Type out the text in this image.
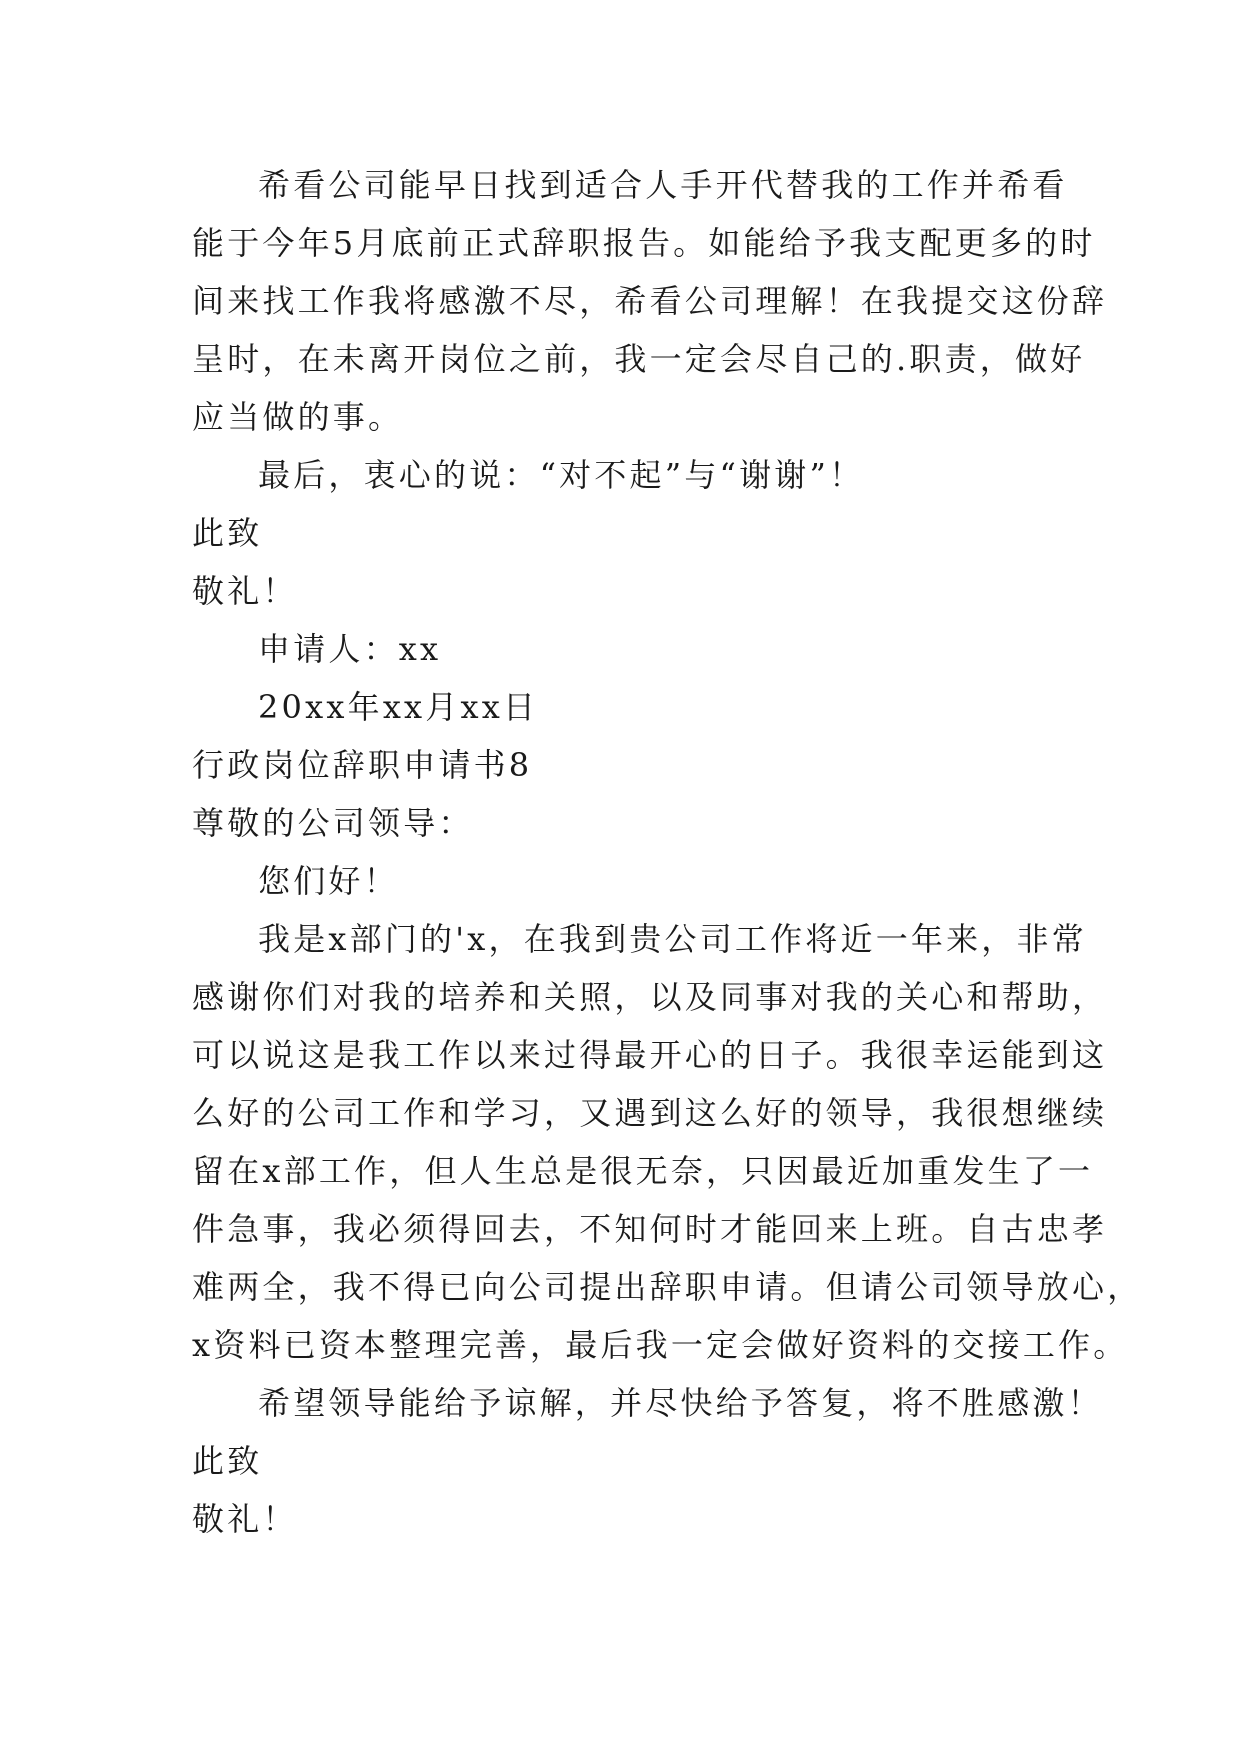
希看公司能早日找到适合人手开代替我的工作并希看
能于今年5月底前正式辞职报告。如能给予我支配更多的时
间来找工作我将感激不尽，希看公司理解！在我提交这份辞
呈时，在未离开岗位之前，我一定会尽自己的.职责，做好
应当做的事。
最后，衷心的说：“对不起”与“谢谢”！
此致
敬礼！
申请人：xx
20xx年xx月xx日
行政岗位辞职申请书8
尊敬的公司领导：
您们好！
我是x部门的'x，在我到贵公司工作将近一年来，非常
感谢你们对我的培养和关照，以及同事对我的关心和帮助，
可以说这是我工作以来过得最开心的日子。我很幸运能到这
么好的公司工作和学习，又遇到这么好的领导，我很想继续
留在x部工作，但人生总是很无奈，只因最近加重发生了一
件急事，我必须得回去，不知何时才能回来上班。自古忠孝
难两全，我不得已向公司提出辞职申请。但请公司领导放心，
x资料已资本整理完善，最后我一定会做好资料的交接工作。
希望领导能给予谅解，并尽快给予答复，将不胜感激！
此致
敬礼！
